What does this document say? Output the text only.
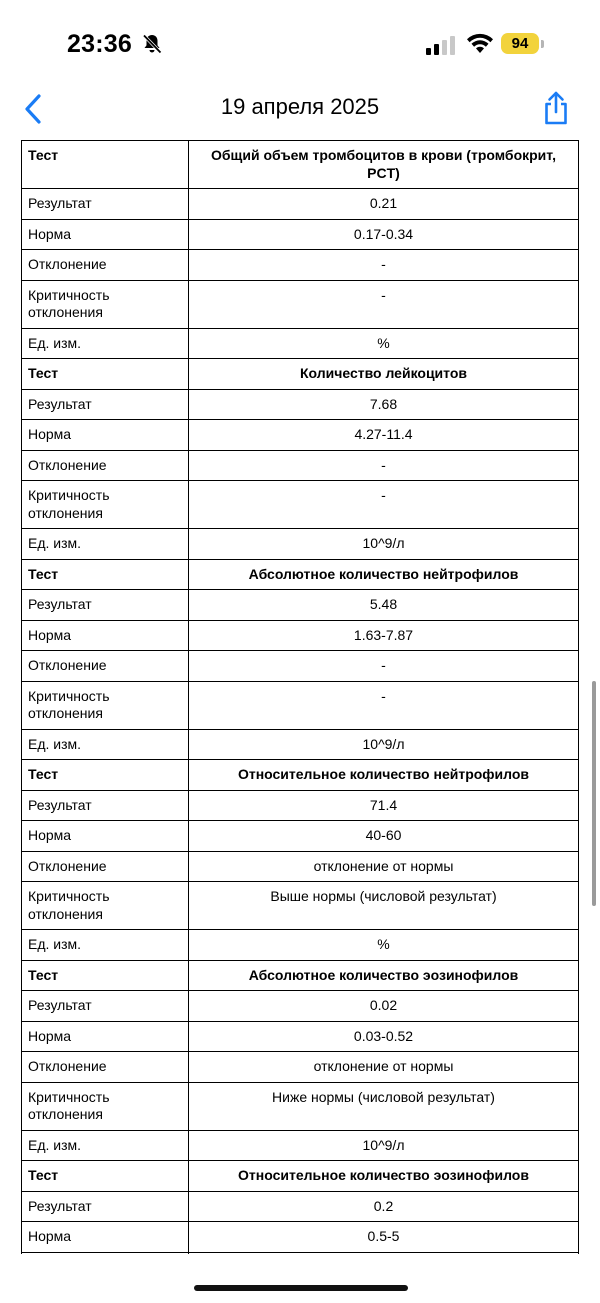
23:36	94
19 апреля 2025
Тест	Общий объем тромбоцитов в крови (тромбокрит, PCT)
Результат	0.21
Норма	0.17-0.34
Отклонение	-
Критичность отклонения	-
Ед. изм.	%
Тест	Количество лейкоцитов
Результат	7.68
Норма	4.27-11.4
Отклонение	-
Критичность отклонения	-
Ед. изм.	10^9/л
Тест	Абсолютное количество нейтрофилов
Результат	5.48
Норма	1.63-7.87
Отклонение	-
Критичность отклонения	-
Ед. изм.	10^9/л
Тест	Относительное количество нейтрофилов
Результат	71.4
Норма	40-60
Отклонение	отклонение от нормы
Критичность отклонения	Выше нормы (числовой результат)
Ед. изм.	%
Тест	Абсолютное количество эозинофилов
Результат	0.02
Норма	0.03-0.52
Отклонение	отклонение от нормы
Критичность отклонения	Ниже нормы (числовой результат)
Ед. изм.	10^9/л
Тест	Относительное количество эозинофилов
Результат	0.2
Норма	0.5-5
